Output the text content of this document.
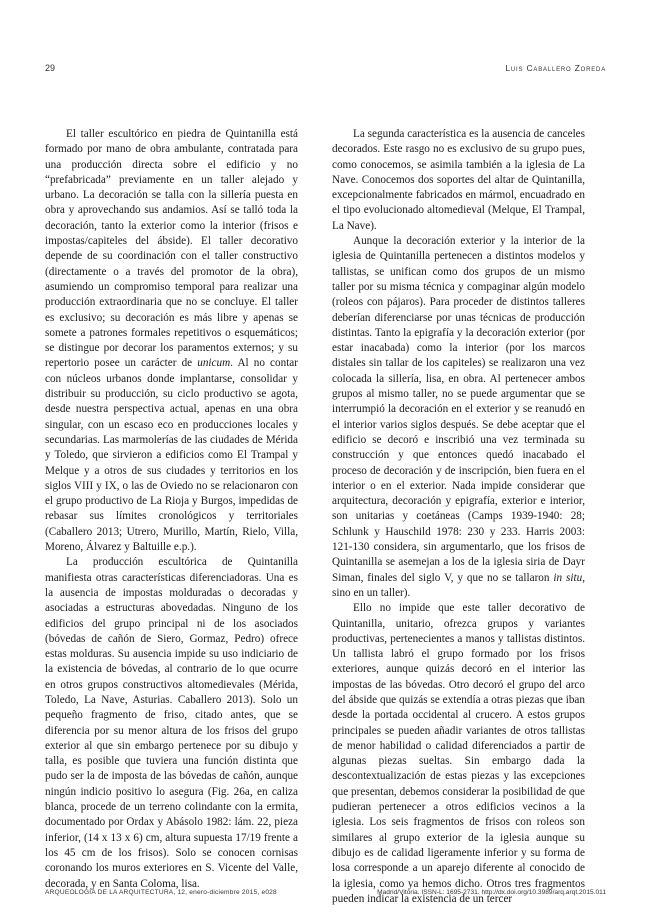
29	Luis Caballero Zoreda

El taller escultórico en piedra de Quintanilla está formado por mano de obra ambulante, contratada para una producción directa sobre el edificio y no “prefabricada” previamente en un taller alejado y urbano. La decoración se talla con la sillería puesta en obra y aprovechando sus andamios. Así se talló toda la decoración, tanto la exterior como la interior (frisos e impostas/capiteles del ábside). El taller decorativo depende de su coordinación con el taller constructivo (directamente o a través del promotor de la obra), asumiendo un compromiso temporal para realizar una producción extraordinaria que no se concluye. El taller es exclusivo; su decoración es más libre y apenas se somete a patrones formales repetitivos o esquemáticos; se distingue por decorar los paramentos externos; y su repertorio posee un carácter de unicum. Al no contar con núcleos urbanos donde implantarse, consolidar y distribuir su producción, su ciclo productivo se agota, desde nuestra perspectiva actual, apenas en una obra singular, con un escaso eco en producciones locales y secundarias. Las marmolerías de las ciudades de Mérida y Toledo, que sirvieron a edificios como El Trampal y Melque y a otros de sus ciudades y territorios en los siglos VIII y IX, o las de Oviedo no se relacionaron con el grupo productivo de La Rioja y Burgos, impedidas de rebasar sus límites cronológicos y territoriales (Caballero 2013; Utrero, Murillo, Martín, Rielo, Villa, Moreno, Álvarez y Baltuille e.p.).

La producción escultórica de Quintanilla manifiesta otras características diferenciadoras. Una es la ausencia de impostas molduradas o decoradas y asociadas a estructuras abovedadas. Ninguno de los edificios del grupo principal ni de los asociados (bóvedas de cañón de Siero, Gormaz, Pedro) ofrece estas molduras. Su ausencia impide su uso indiciario de la existencia de bóvedas, al contrario de lo que ocurre en otros grupos constructivos altomedievales (Mérida, Toledo, La Nave, Asturias. Caballero 2013). Solo un pequeño fragmento de friso, citado antes, que se diferencia por su menor altura de los frisos del grupo exterior al que sin embargo pertenece por su dibujo y talla, es posible que tuviera una función distinta que pudo ser la de imposta de las bóvedas de cañón, aunque ningún indicio positivo lo asegura (Fig. 26a, en caliza blanca, procede de un terreno colindante con la ermita, documentado por Ordax y Abásolo 1982: lám. 22, pieza inferior, (14 x 13 x 6) cm, altura supuesta 17/19 frente a los 45 cm de los frisos). Solo se conocen cornisas coronando los muros exteriores en S. Vicente del Valle, decorada, y en Santa Coloma, lisa.

La segunda característica es la ausencia de canceles decorados. Este rasgo no es exclusivo de su grupo pues, como conocemos, se asimila también a la iglesia de La Nave. Conocemos dos soportes del altar de Quintanilla, excepcionalmente fabricados en mármol, encuadrado en el tipo evolucionado altomedieval (Melque, El Trampal, La Nave).

Aunque la decoración exterior y la interior de la iglesia de Quintanilla pertenecen a distintos modelos y tallistas, se unifican como dos grupos de un mismo taller por su misma técnica y compaginar algún modelo (roleos con pájaros). Para proceder de distintos talleres deberían diferenciarse por unas técnicas de producción distintas. Tanto la epigrafía y la decoración exterior (por estar inacabada) como la interior (por los marcos distales sin tallar de los capiteles) se realizaron una vez colocada la sillería, lisa, en obra. Al pertenecer ambos grupos al mismo taller, no se puede argumentar que se interrumpió la decoración en el exterior y se reanudó en el interior varios siglos después. Se debe aceptar que el edificio se decoró e inscribió una vez terminada su construcción y que entonces quedó inacabado el proceso de decoración y de inscripción, bien fuera en el interior o en el exterior. Nada impide considerar que arquitectura, decoración y epigrafía, exterior e interior, son unitarias y coetáneas (Camps 1939-1940: 28; Schlunk y Hauschild 1978: 230 y 233. Harris 2003: 121-130 considera, sin argumentarlo, que los frisos de Quintanilla se asemejan a los de la iglesia siria de Dayr Siman, finales del siglo V, y que no se tallaron in situ, sino en un taller).

Ello no impide que este taller decorativo de Quintanilla, unitario, ofrezca grupos y variantes productivas, pertenecientes a manos y tallistas distintos. Un tallista labró el grupo formado por los frisos exteriores, aunque quizás decoró en el interior las impostas de las bóvedas. Otro decoró el grupo del arco del ábside que quizás se extendía a otras piezas que iban desde la portada occidental al crucero. A estos grupos principales se pueden añadir variantes de otros tallistas de menor habilidad o calidad diferenciados a partir de algunas piezas sueltas. Sin embargo dada la descontextualización de estas piezas y las excepciones que presentan, debemos considerar la posibilidad de que pudieran pertenecer a otros edificios vecinos a la iglesia. Los seis fragmentos de frisos con roleos son similares al grupo exterior de la iglesia aunque su dibujo es de calidad ligeramente inferior y su forma de losa corresponde a un aparejo diferente al conocido de la iglesia, como ya hemos dicho. Otros tres fragmentos pueden indicar la existencia de un tercer

ARQUEOLOGÍA DE LA ARQUITECTURA, 12, enero-diciembre 2015, e028	Madrid/Vitoria. ISSN-L: 1695-2731. http://dx.doi.org/10.3989/arq.arqt.2015.011
